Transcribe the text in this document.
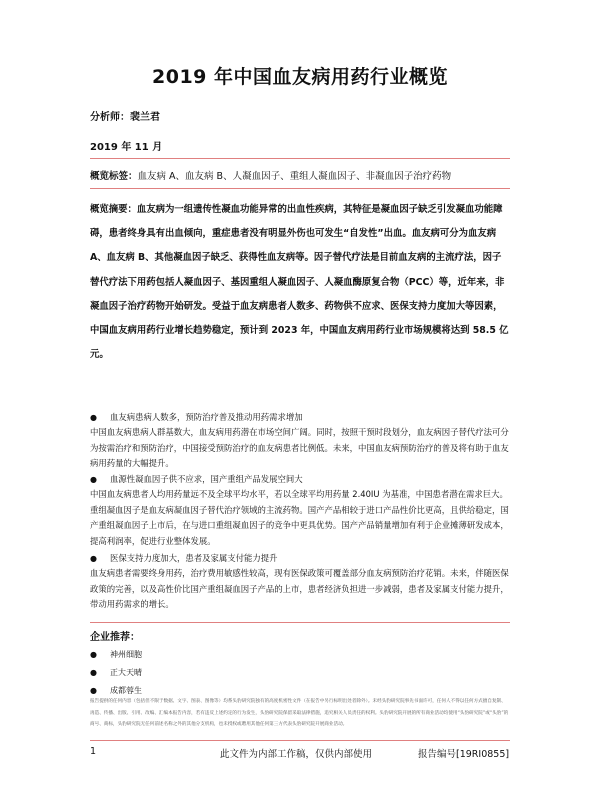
2019 年中国血友病用药行业概览
分析师：裴兰君
2019 年 11 月
概览标签：血友病 A、血友病 B、人凝血因子、重组人凝血因子、非凝血因子治疗药物
概览摘要：血友病为一组遗传性凝血功能异常的出血性疾病，其特征是凝血因子缺乏引发凝血功能障碍，患者终身具有出血倾向，重症患者没有明显外伤也可发生“自发性”出血。血友病可分为血友病 A、血友病 B、其他凝血因子缺乏、获得性血友病等。因子替代疗法是目前血友病的主流疗法，因子替代疗法下用药包括人凝血因子、基因重组人凝血因子、人凝血酶原复合物（PCC）等，近年来，非凝血因子治疗药物开始研发。受益于血友病患者人数多、药物供不应求、医保支持力度加大等因素，中国血友病用药行业增长趋势稳定，预计到 2023 年，中国血友病用药行业市场规模将达到 58.5 亿元。
● 血友病患病人数多，预防治疗普及推动用药需求增加
中国血友病患病人群基数大，血友病用药潜在市场空间广阔。同时，按照干预时段划分，血友病因子替代疗法可分为按需治疗和预防治疗，中国接受预防治疗的血友病患者比例低。未来，中国血友病预防治疗的普及将有助于血友病用药量的大幅提升。
● 血源性凝血因子供不应求，国产重组产品发展空间大
中国血友病患者人均用药量远不及全球平均水平，若以全球平均用药量 2.40IU 为基准，中国患者潜在需求巨大。重组凝血因子是血友病凝血因子替代治疗领域的主流药物。国产产品相较于进口产品性价比更高，且供给稳定，国产重组凝血因子上市后，在与进口重组凝血因子的竞争中更具优势。国产产品销量增加有利于企业摊薄研发成本，提高利润率，促进行业整体发展。
● 医保支持力度加大，患者及家属支付能力提升
血友病患者需要终身用药，治疗费用敏感性较高，现有医保政策可覆盖部分血友病预防治疗花销。未来，伴随医保政策的完善，以及高性价比国产重组凝血因子产品的上市，患者经济负担进一步减弱，患者及家属支付能力提升，带动用药需求的增长。
企业推荐：
● 神州细胞
● 正大天晴
● 成都蓉生
报告提供的任何内容（包括但不限于数据、文字、图表、图像等）均系头豹研究院独有的高度机密性文件（在报告中另行标明出处者除外）。未经头豹研究院事先书面许可，任何人不得以任何方式擅自复制、再造、传播、出版、引用、改编、汇编本报告内容，若有违反上述约定的行为发生，头豹研究院保留采取法律措施，追究相关人员责任的权利。头豹研究院开展的所有商业活动均使用“头豹研究院”或“头豹”的商号、商标，头豹研究院无任何前述名称之外的其他分支机构，也未授权或聘用其他任何第三方代表头豹研究院开展商业活动。
1	此文件为内部工作稿，仅供内部使用	报告编号[19RI0855]
